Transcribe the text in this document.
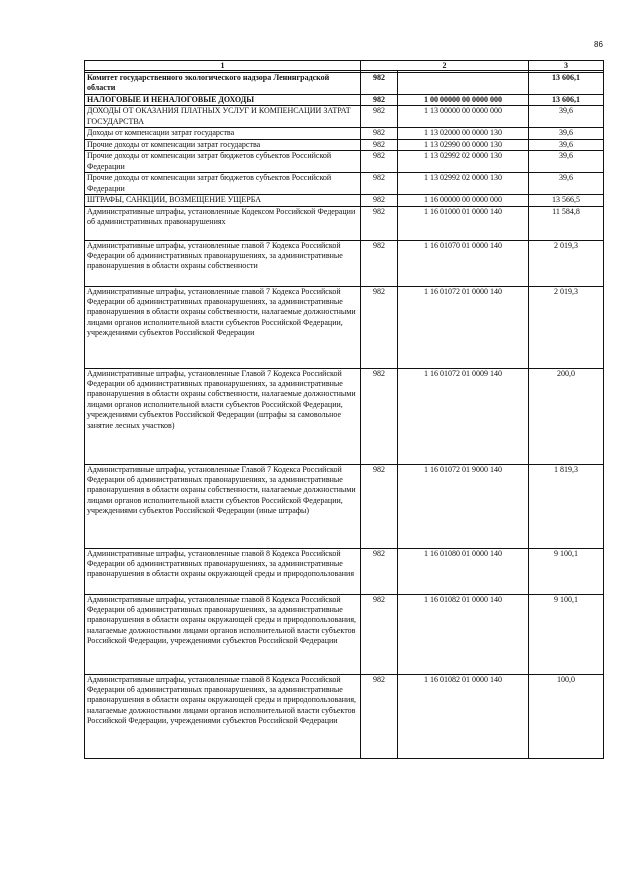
86
1	2		3

Комитет государственного экологического надзора Ленинградской области	982		13 606,1
НАЛОГОВЫЕ И НЕНАЛОГОВЫЕ ДОХОДЫ	982	1 00 00000 00 0000 000	13 606,1
ДОХОДЫ ОТ ОКАЗАНИЯ ПЛАТНЫХ УСЛУГ И КОМПЕНСАЦИИ ЗАТРАТ ГОСУДАРСТВА	982	1 13 00000 00 0000 000	39,6
Доходы от компенсации затрат государства	982	1 13 02000 00 0000 130	39,6
Прочие доходы от компенсации затрат государства	982	1 13 02990 00 0000 130	39,6
Прочие доходы от компенсации затрат бюджетов субъектов Российской Федерации	982	1 13 02992 02 0000 130	39,6
Прочие доходы от компенсации затрат бюджетов субъектов Российской Федерации	982	1 13 02992 02 0000 130	39,6
ШТРАФЫ, САНКЦИИ, ВОЗМЕЩЕНИЕ УЩЕРБА	982	1 16 00000 00 0000 000	13 566,5
Административные штрафы, установленные Кодексом Российской Федерации об административных правонарушениях	982	1 16 01000 01 0000 140	11 584,8
Административные штрафы, установленные главой 7 Кодекса Российской Федерации об административных правонарушениях, за административные правонарушения в области охраны собственности	982	1 16 01070 01 0000 140	2 019,3
Административные штрафы, установленные главой 7 Кодекса Российской Федерации об административных правонарушениях, за административные правонарушения в области охраны собственности, налагаемые должностными лицами органов исполнительной власти субъектов Российской Федерации, учреждениями субъектов Российской Федерации	982	1 16 01072 01 0000 140	2 019,3
Административные штрафы, установленные Главой 7 Кодекса Российской Федерации об административных правонарушениях, за административные правонарушения в области охраны собственности, налагаемые должностными лицами органов исполнительной власти субъектов Российской Федерации, учреждениями субъектов Российской Федерации (штрафы за самовольное занятие лесных участков)	982	1 16 01072 01 0009 140	200,0
Административные штрафы, установленные Главой 7 Кодекса Российской Федерации об административных правонарушениях, за административные правонарушения в области охраны собственности, налагаемые должностными лицами органов исполнительной власти субъектов Российской Федерации, учреждениями субъектов Российской Федерации (иные штрафы)	982	1 16 01072 01 9000 140	1 819,3
Административные штрафы, установленные главой 8 Кодекса Российской Федерации об административных правонарушениях, за административные правонарушения в области охраны окружающей среды и природопользования	982	1 16 01080 01 0000 140	9 100,1
Административные штрафы, установленные главой 8 Кодекса Российской Федерации об административных правонарушениях, за административные правонарушения в области охраны окружающей среды и природопользования, налагаемые должностными лицами органов исполнительной власти субъектов Российской Федерации, учреждениями субъектов Российской Федерации	982	1 16 01082 01 0000 140	9 100,1
Административные штрафы, установленные главой 8 Кодекса Российской Федерации об административных правонарушениях, за административные правонарушения в области охраны окружающей среды и природопользования, налагаемые должностными лицами органов исполнительной власти субъектов Российской Федерации, учреждениями субъектов Российской Федерации	982	1 16 01082 01 0000 140	100,0
